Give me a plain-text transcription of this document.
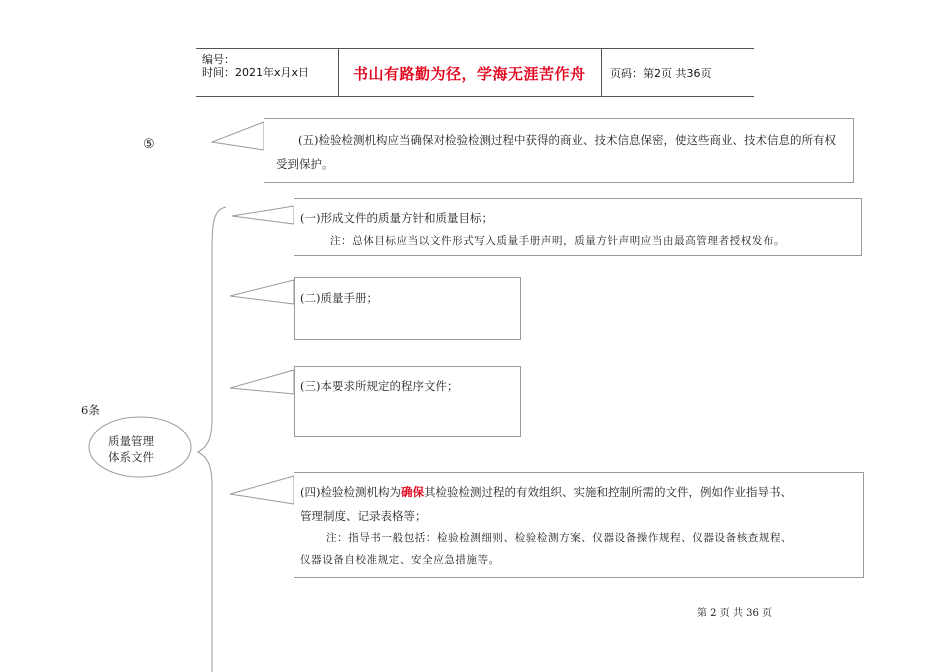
编号：
时间：2021年x月x日	书山有路勤为径，学海无涯苦作舟 页码：第2页 共36页
⑤	(五)检验检测机构应当确保对检验检测过程中获得的商业、技术信息保密，使这些商业、技术信息的所有权受到保护。
(一)形成文件的质量方针和质量目标；
注：总体目标应当以文件形式写入质量手册声明，质量方针声明应当由最高管理者授权发布。
(二)质量手册；
(三)本要求所规定的程序文件；
6条
质量管理
体系文件
(四)检验检测机构为确保其检验检测过程的有效组织、实施和控制所需的文件，例如作业指导书、
管理制度、记录表格等；
注：指导书一般包括：检验检测细则、检验检测方案、仪器设备操作规程、仪器设备核查规程、
仪器设备自校准规定、安全应急措施等。
第 2 页 共 36 页
